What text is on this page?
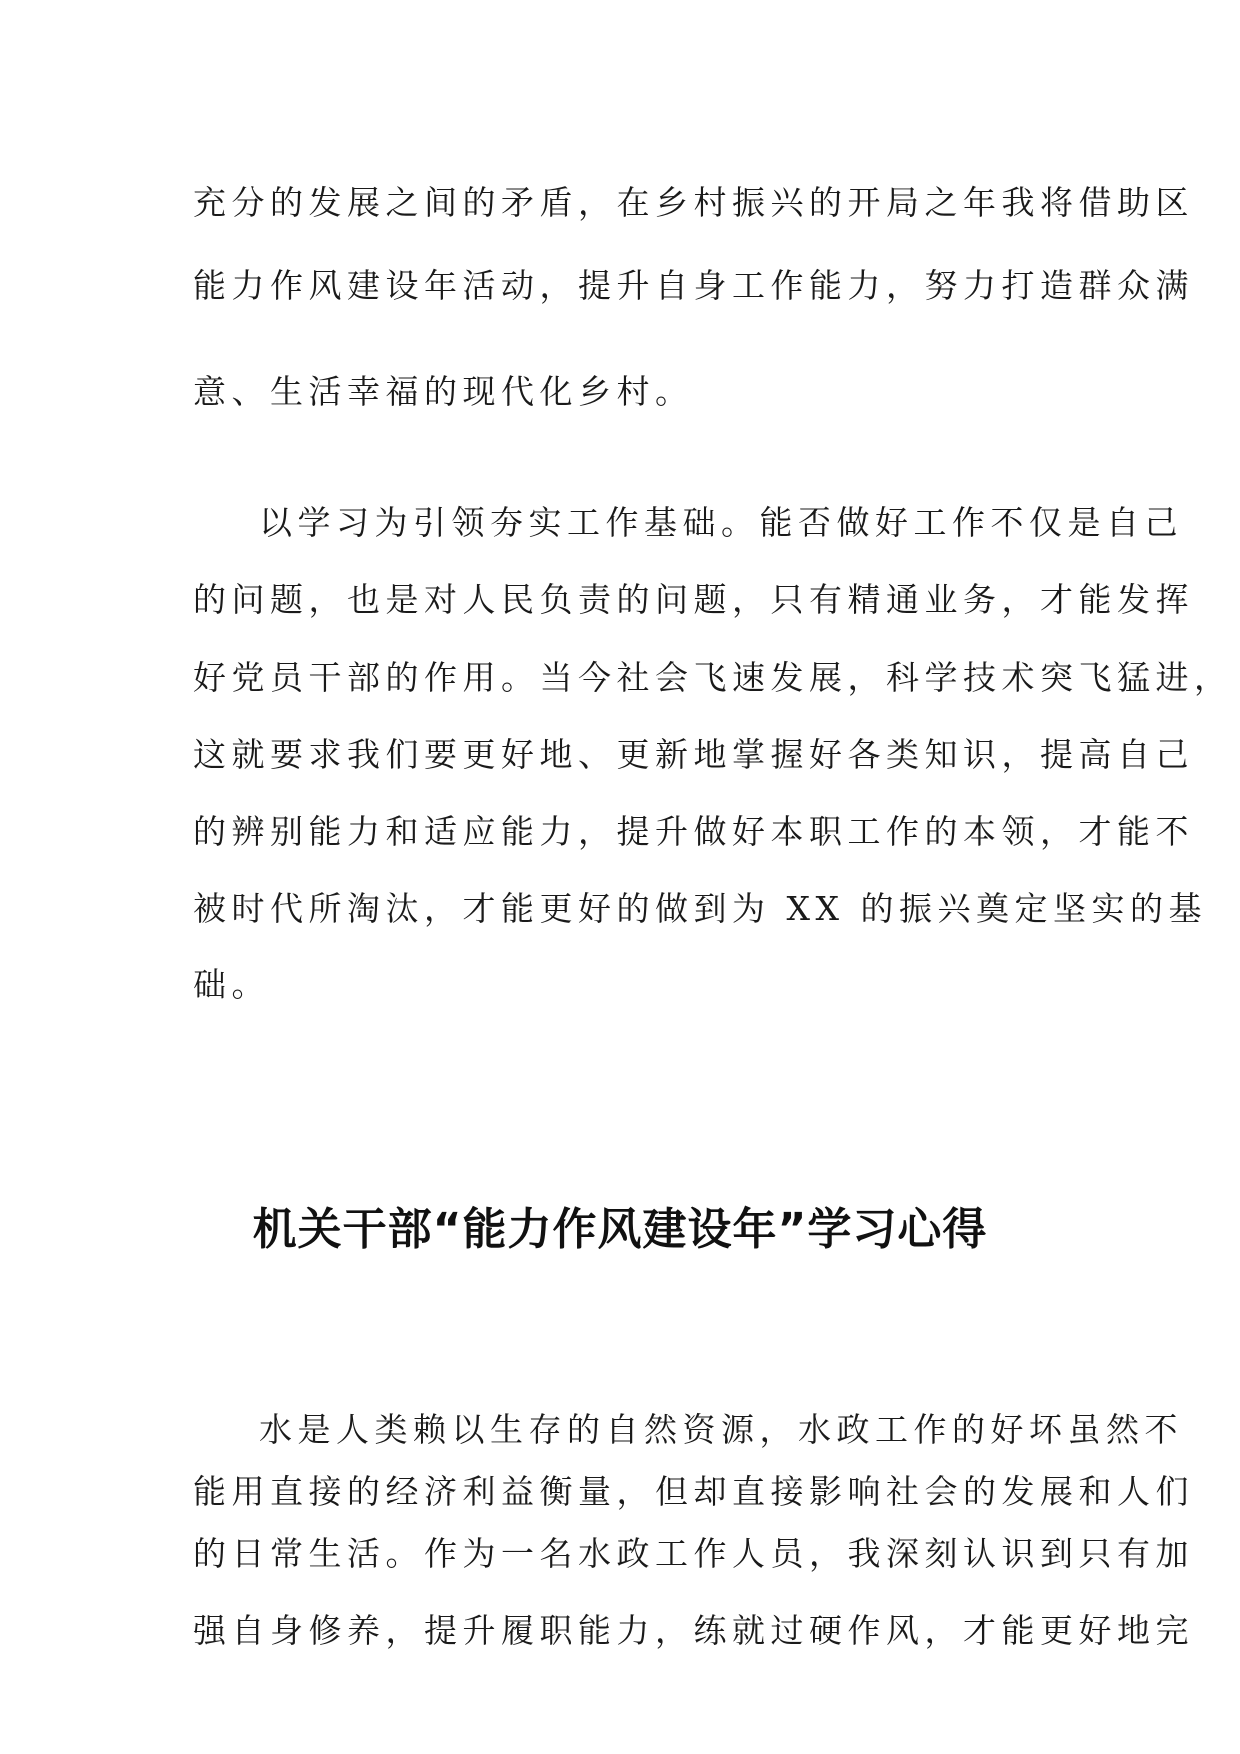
充分的发展之间的矛盾，在乡村振兴的开局之年我将借助区
能力作风建设年活动，提升自身工作能力，努力打造群众满
意、生活幸福的现代化乡村。
以学习为引领夯实工作基础。能否做好工作不仅是自己
的问题，也是对人民负责的问题，只有精通业务，才能发挥
好党员干部的作用。当今社会飞速发展，科学技术突飞猛进，
这就要求我们要更好地、更新地掌握好各类知识，提高自己
的辨别能力和适应能力，提升做好本职工作的本领，才能不
被时代所淘汰，才能更好的做到为 XX 的振兴奠定坚实的基
础。
机关干部“能力作风建设年”学习心得
水是人类赖以生存的自然资源，水政工作的好坏虽然不
能用直接的经济利益衡量，但却直接影响社会的发展和人们
的日常生活。作为一名水政工作人员，我深刻认识到只有加
强自身修养，提升履职能力，练就过硬作风，才能更好地完
